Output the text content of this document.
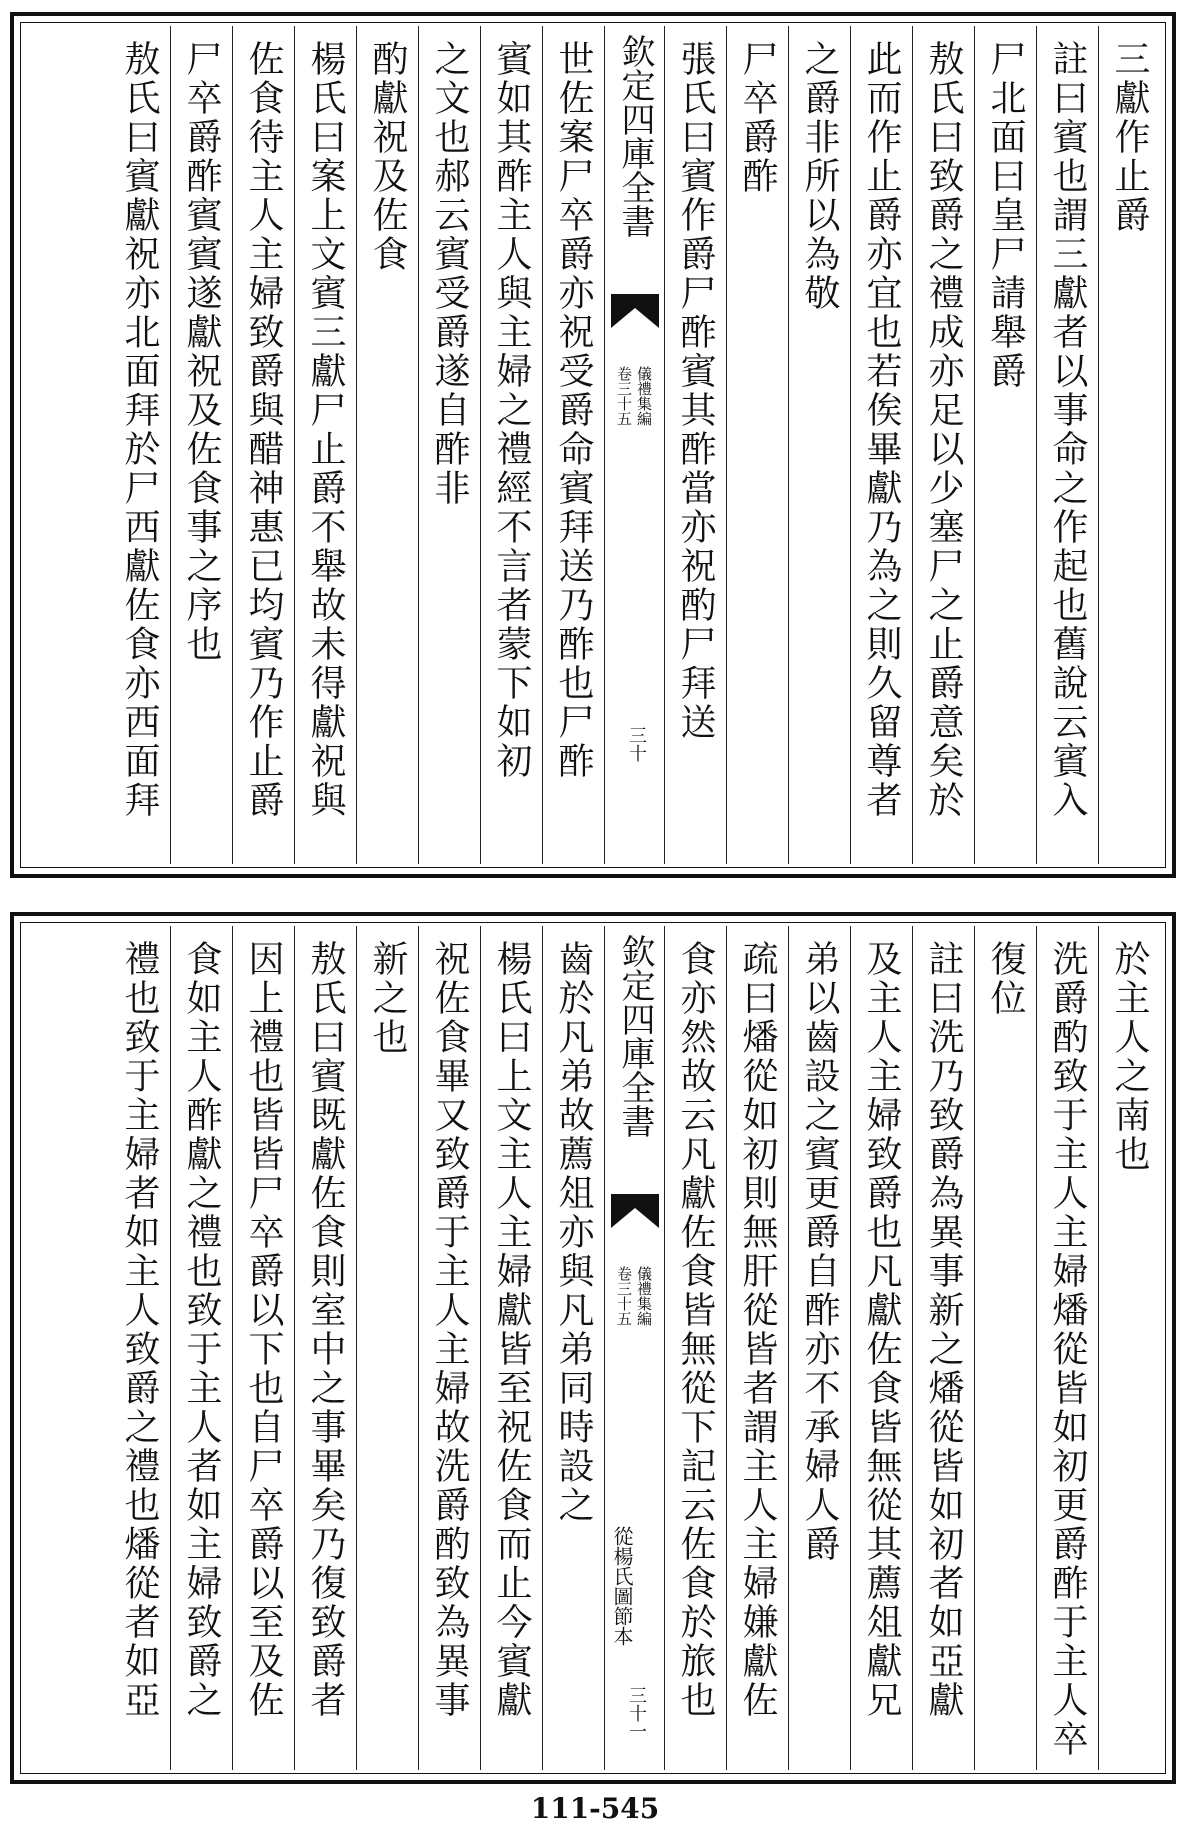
三獻作止爵
註曰賓也謂三獻者以事命之作起也舊說云賓入
尸北面曰皇尸請舉爵
敖氏曰致爵之禮成亦足以少塞尸之止爵意矣於
此而作止爵亦宜也若俟畢獻乃為之則久留尊者
之爵非所以為敬
尸卒爵酢
張氏曰賓作爵尸酢賓其酢當亦祝酌尸拜送
欽定四庫全書
儀禮集編
卷三十五
三十
世佐案尸卒爵亦祝受爵命賓拜送乃酢也尸酢
賓如其酢主人與主婦之禮經不言者蒙下如初
之文也郝云賓受爵遂自酢非
酌獻祝及佐食
楊氏曰案上文賓三獻尸止爵不舉故未得獻祝與
佐食待主人主婦致爵與醋神惠已均賓乃作止爵
尸卒爵酢賓賓遂獻祝及佐食事之序也
敖氏曰賓獻祝亦北面拜於尸西獻佐食亦西面拜
於主人之南也
洗爵酌致于主人主婦燔從皆如初更爵酢于主人卒
復位
註曰洗乃致爵為異事新之燔從皆如初者如亞獻
及主人主婦致爵也凡獻佐食皆無從其薦俎獻兄
弟以齒設之賓更爵自酢亦不承婦人爵
疏曰燔從如初則無肝從皆者謂主人主婦嫌獻佐
食亦然故云凡獻佐食皆無從下記云佐食於旅也
欽定四庫全書
儀禮集編
卷三十五
從楊氏圖節本
三十一
齒於凡弟故薦俎亦與凡弟同時設之
楊氏曰上文主人主婦獻皆至祝佐食而止今賓獻
祝佐食畢又致爵于主人主婦故洗爵酌致為異事
新之也
敖氏曰賓既獻佐食則室中之事畢矣乃復致爵者
因上禮也皆皆尸卒爵以下也自尸卒爵以至及佐
食如主人酢獻之禮也致于主人者如主婦致爵之
禮也致于主婦者如主人致爵之禮也燔從者如亞
111-545
